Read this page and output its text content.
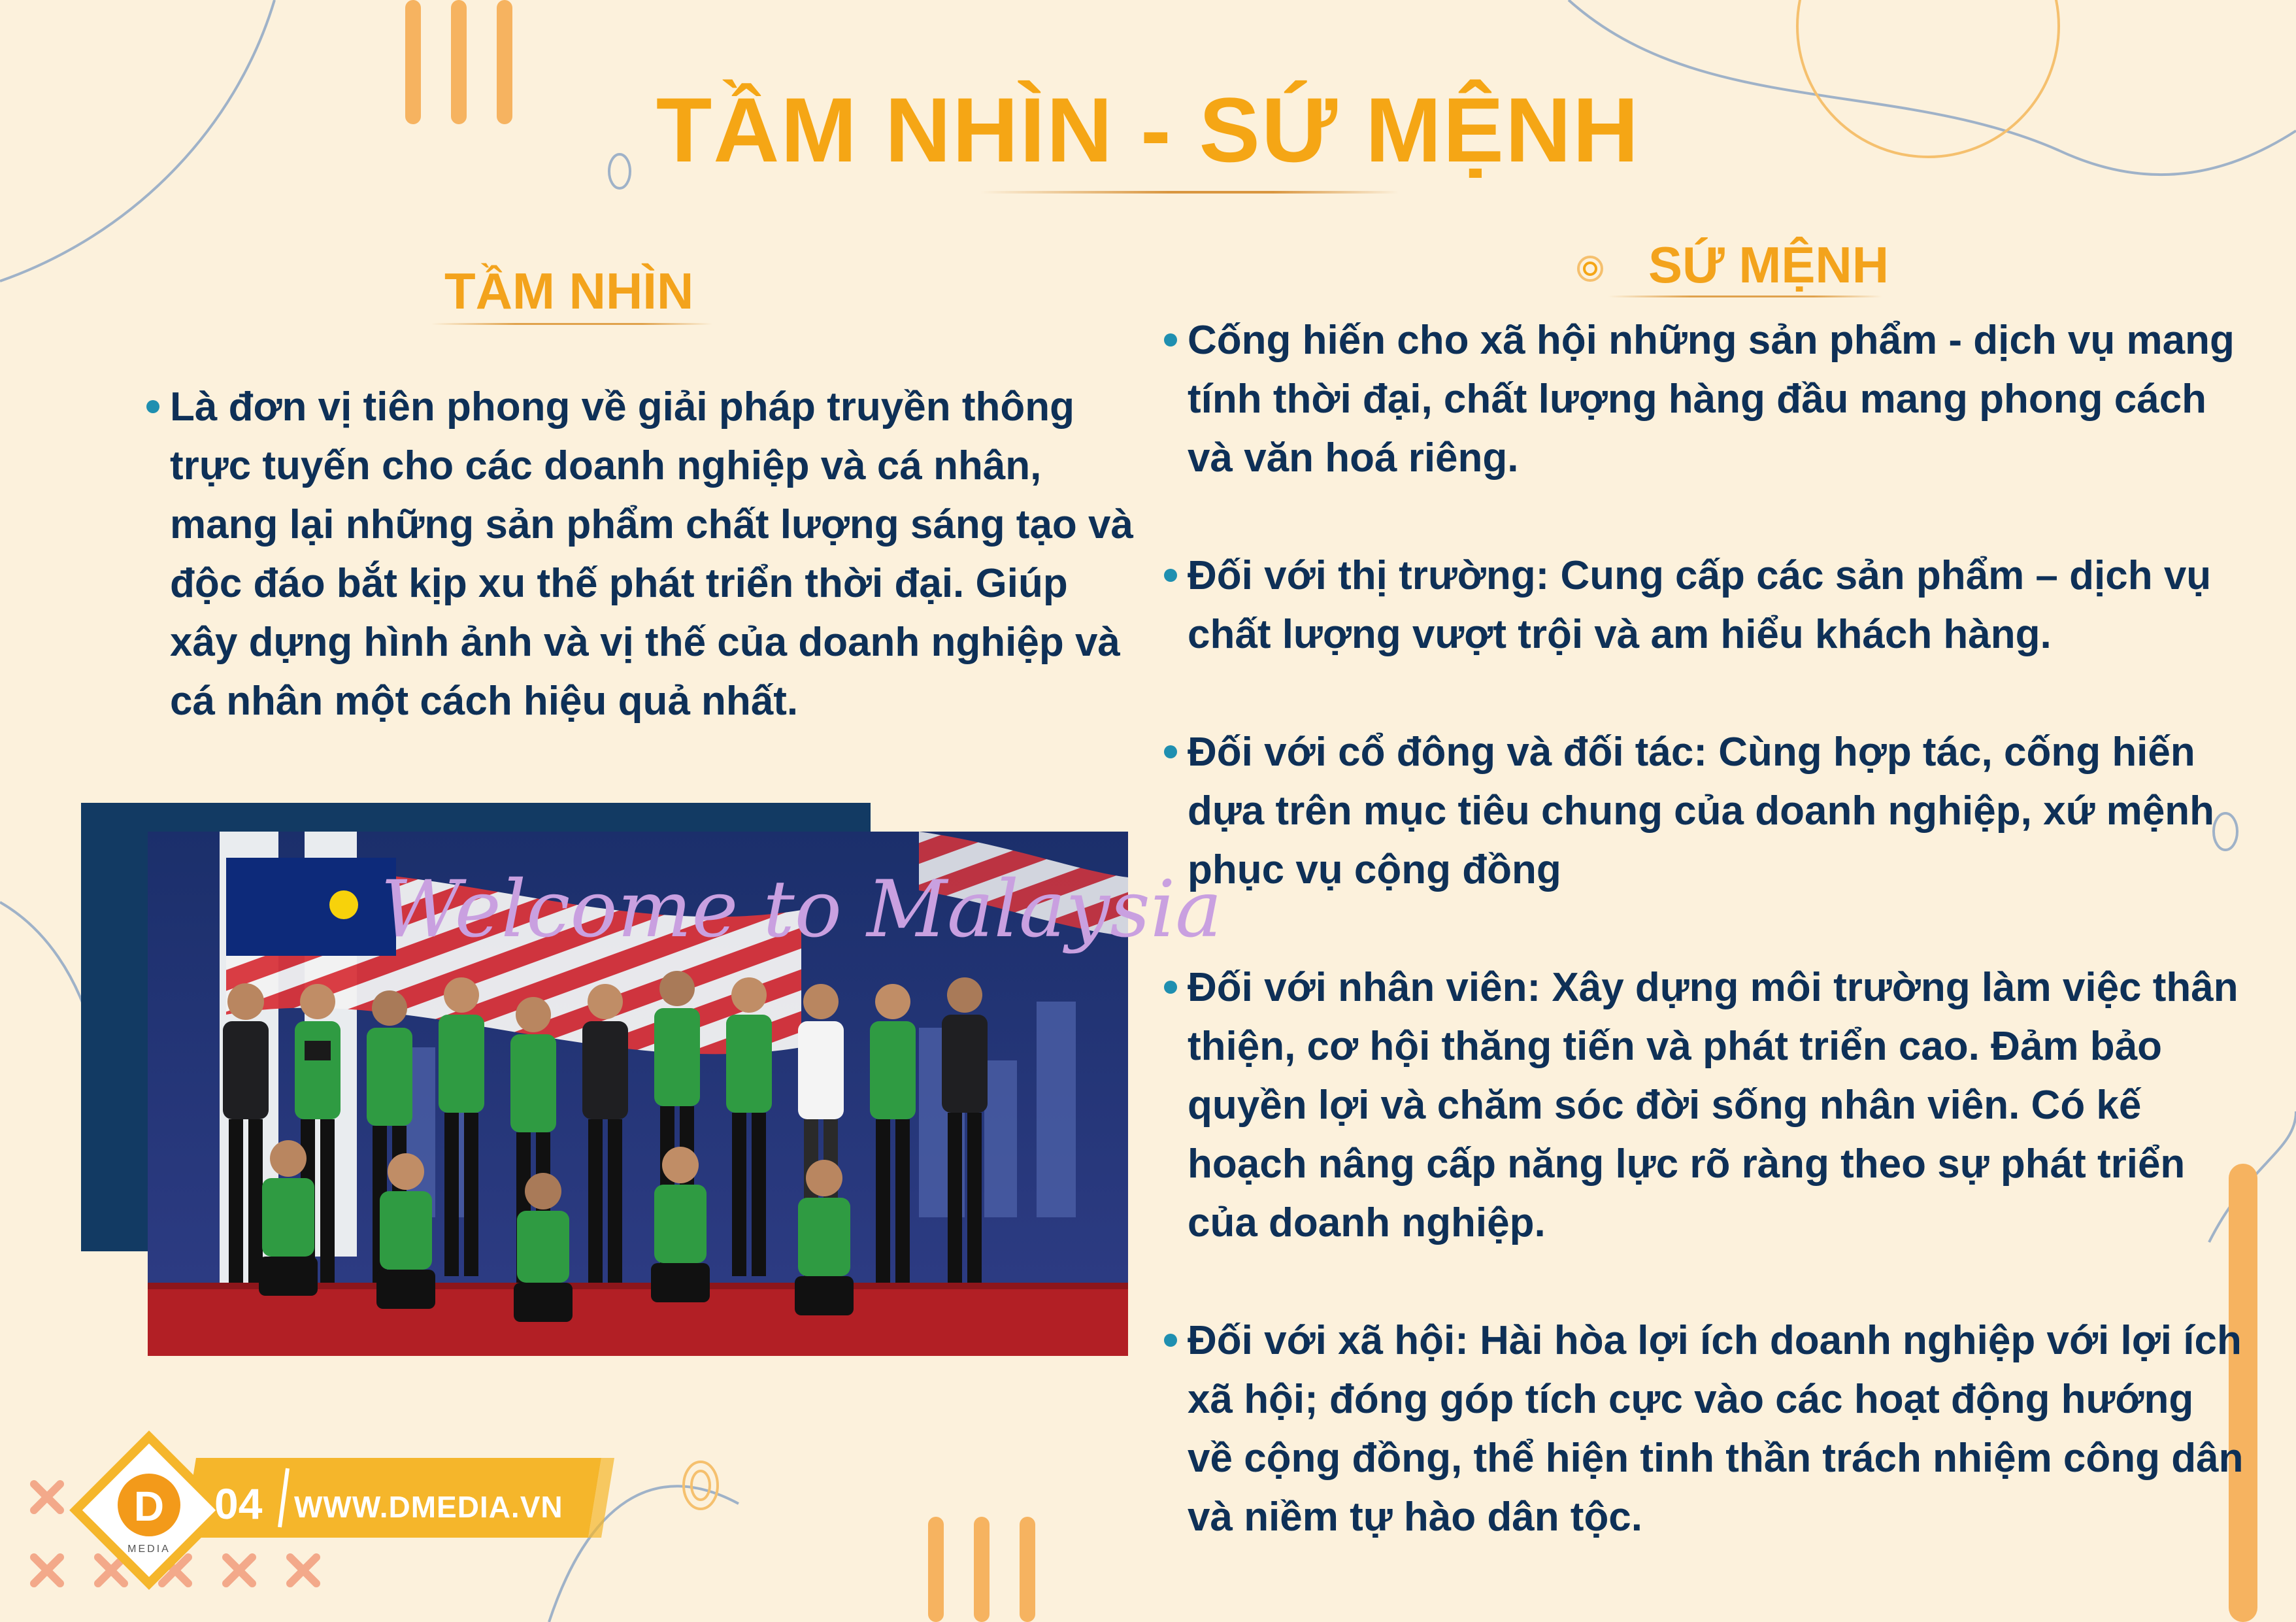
TẦM NHÌN - SỨ MỆNH
TẦM NHÌN

Là đơn vị tiên phong về giải pháp truyền thông trực tuyến cho các doanh nghiệp và cá nhân, mang lại những sản phẩm chất lượng sáng tạo và độc đáo bắt kịp xu thế phát triển thời đại. Giúp xây dựng hình ảnh và vị thế của doanh nghiệp và cá nhân một cách hiệu quả nhất.

SỨ MỆNH

Cống hiến cho xã hội những sản phẩm - dịch vụ mang tính thời đại, chất lượng hàng đầu mang phong cách và văn hoá riêng.

Đối với thị trường: Cung cấp các sản phẩm – dịch vụ chất lượng vượt trội và am hiểu khách hàng.

Đối với cổ đông và đối tác: Cùng hợp tác, cống hiến dựa trên mục tiêu chung của doanh nghiệp, xứ mệnh phục vụ cộng đồng

Đối với nhân viên: Xây dựng môi trường làm việc thân thiện, cơ hội thăng tiến và phát triển cao. Đảm bảo quyền lợi và chăm sóc đời sống nhân viên. Có kế hoạch nâng cấp năng lực rõ ràng theo sự phát triển của doanh nghiệp.

Đối với xã hội: Hài hòa lợi ích doanh nghiệp với lợi ích xã hội; đóng góp tích cực vào các hoạt động hướng về cộng đồng, thể hiện tinh thần trách nhiệm công dân và niềm tự hào dân tộc.

Welcome to Malaysia
D
MEDIA

04 WWW.DMEDIA.VN
